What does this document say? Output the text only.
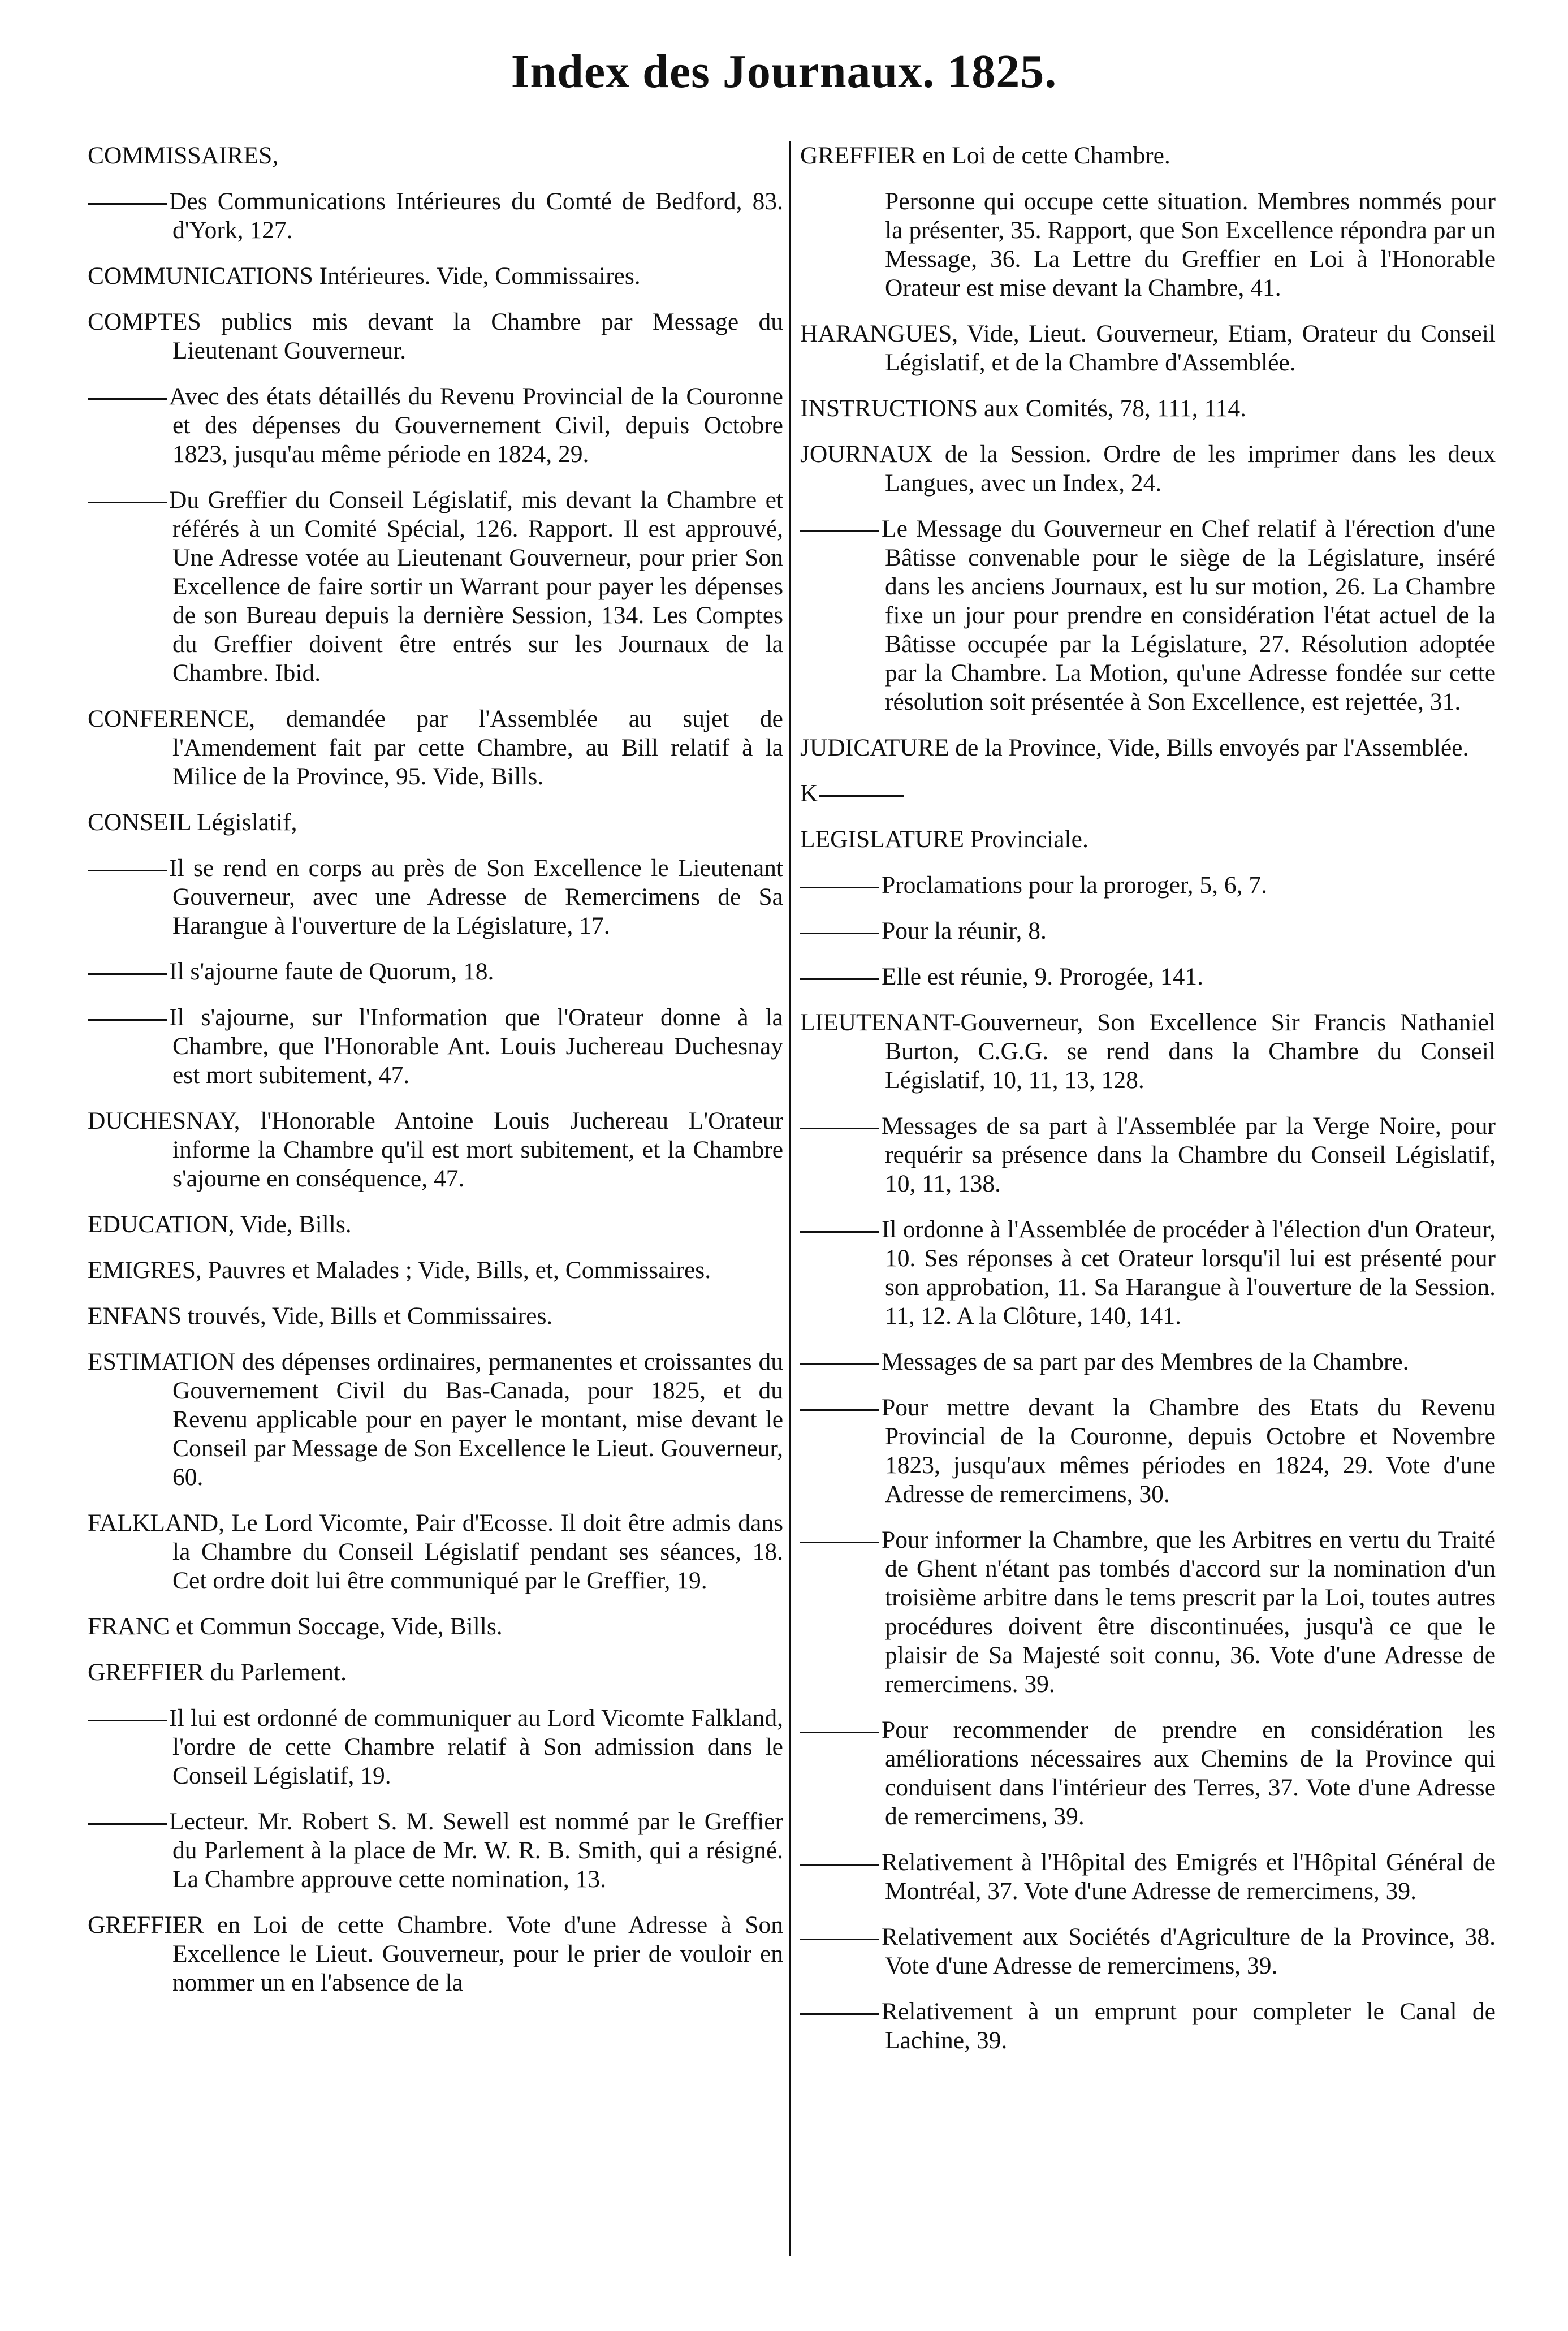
Index des Journaux. 1825.
COMMISSAIRES,
Des Communications Intérieures du Comté de Bedford, 83. d'York, 127.
COMMUNICATIONS Intérieures. Vide, Commissaires.
COMPTES publics mis devant la Chambre par Message du Lieutenant Gouverneur.
Avec des états détaillés du Revenu Provincial de la Couronne et des dépenses du Gouvernement Civil, depuis Octobre 1823, jusqu'au même période en 1824, 29.
Du Greffier du Conseil Législatif, mis devant la Chambre et référés à un Comité Spécial, 126. Rapport. Il est approuvé, Une Adresse votée au Lieutenant Gouverneur, pour prier Son Excellence de faire sortir un Warrant pour payer les dépenses de son Bureau depuis la dernière Session, 134. Les Comptes du Greffier doivent être entrés sur les Journaux de la Chambre. Ibid.
CONFERENCE, demandée par l'Assemblée au sujet de l'Amendement fait par cette Chambre, au Bill relatif à la Milice de la Province, 95. Vide, Bills.
CONSEIL Législatif,
Il se rend en corps au près de Son Excellence le Lieutenant Gouverneur, avec une Adresse de Remercimens de Sa Harangue à l'ouverture de la Législature, 17.
Il s'ajourne faute de Quorum, 18.
Il s'ajourne, sur l'Information que l'Orateur donne à la Chambre, que l'Honorable Ant. Louis Juchereau Duchesnay est mort subitement, 47.
DUCHESNAY, l'Honorable Antoine Louis Juchereau L'Orateur informe la Chambre qu'il est mort subitement, et la Chambre s'ajourne en conséquence, 47.
EDUCATION, Vide, Bills.
EMIGRES, Pauvres et Malades ; Vide, Bills, et, Commissaires.
ENFANS trouvés, Vide, Bills et Commissaires.
ESTIMATION des dépenses ordinaires, permanentes et croissantes du Gouvernement Civil du Bas-Canada, pour 1825, et du Revenu applicable pour en payer le montant, mise devant le Conseil par Message de Son Excellence le Lieut. Gouverneur, 60.
FALKLAND, Le Lord Vicomte, Pair d'Ecosse. Il doit être admis dans la Chambre du Conseil Législatif pendant ses séances, 18. Cet ordre doit lui être communiqué par le Greffier, 19.
FRANC et Commun Soccage, Vide, Bills.
GREFFIER du Parlement.
Il lui est ordonné de communiquer au Lord Vicomte Falkland, l'ordre de cette Chambre relatif à Son admission dans le Conseil Législatif, 19.
Lecteur. Mr. Robert S. M. Sewell est nommé par le Greffier du Parlement à la place de Mr. W. R. B. Smith, qui a résigné. La Chambre approuve cette nomination, 13.
GREFFIER en Loi de cette Chambre. Vote d'une Adresse à Son Excellence le Lieut. Gouverneur, pour le prier de vouloir en nommer un en l'absence de la
GREFFIER en Loi de cette Chambre.
Personne qui occupe cette situation. Membres nommés pour la présenter, 35. Rapport, que Son Excellence répondra par un Message, 36. La Lettre du Greffier en Loi à l'Honorable Orateur est mise devant la Chambre, 41.
HARANGUES, Vide, Lieut. Gouverneur, Etiam, Orateur du Conseil Législatif, et de la Chambre d'Assemblée.
INSTRUCTIONS aux Comités, 78, 111, 114.
JOURNAUX de la Session. Ordre de les imprimer dans les deux Langues, avec un Index, 24.
Le Message du Gouverneur en Chef relatif à l'érection d'une Bâtisse convenable pour le siège de la Législature, inséré dans les anciens Journaux, est lu sur motion, 26. La Chambre fixe un jour pour prendre en considération l'état actuel de la Bâtisse occupée par la Législature, 27. Résolution adoptée par la Chambre. La Motion, qu'une Adresse fondée sur cette résolution soit présentée à Son Excellence, est rejettée, 31.
JUDICATURE de la Province, Vide, Bills envoyés par l'Assemblée.
K
LEGISLATURE Provinciale.
Proclamations pour la proroger, 5, 6, 7.
Pour la réunir, 8.
Elle est réunie, 9. Prorogée, 141.
LIEUTENANT-Gouverneur, Son Excellence Sir Francis Nathaniel Burton, C.G.G. se rend dans la Chambre du Conseil Législatif, 10, 11, 13, 128.
Messages de sa part à l'Assemblée par la Verge Noire, pour requérir sa présence dans la Chambre du Conseil Législatif, 10, 11, 138.
Il ordonne à l'Assemblée de procéder à l'élection d'un Orateur, 10. Ses réponses à cet Orateur lorsqu'il lui est présenté pour son approbation, 11. Sa Harangue à l'ouverture de la Session. 11, 12. A la Clôture, 140, 141.
Messages de sa part par des Membres de la Chambre.
Pour mettre devant la Chambre des Etats du Revenu Provincial de la Couronne, depuis Octobre et Novembre 1823, jusqu'aux mêmes périodes en 1824, 29. Vote d'une Adresse de remercimens, 30.
Pour informer la Chambre, que les Arbitres en vertu du Traité de Ghent n'étant pas tombés d'accord sur la nomination d'un troisième arbitre dans le tems prescrit par la Loi, toutes autres procédures doivent être discontinuées, jusqu'à ce que le plaisir de Sa Majesté soit connu, 36. Vote d'une Adresse de remercimens. 39.
Pour recommender de prendre en considération les améliorations nécessaires aux Chemins de la Province qui conduisent dans l'intérieur des Terres, 37. Vote d'une Adresse de remercimens, 39.
Relativement à l'Hôpital des Emigrés et l'Hôpital Général de Montréal, 37. Vote d'une Adresse de remercimens, 39.
Relativement aux Sociétés d'Agriculture de la Province, 38. Vote d'une Adresse de remercimens, 39.
Relativement à un emprunt pour completer le Canal de Lachine, 39.
